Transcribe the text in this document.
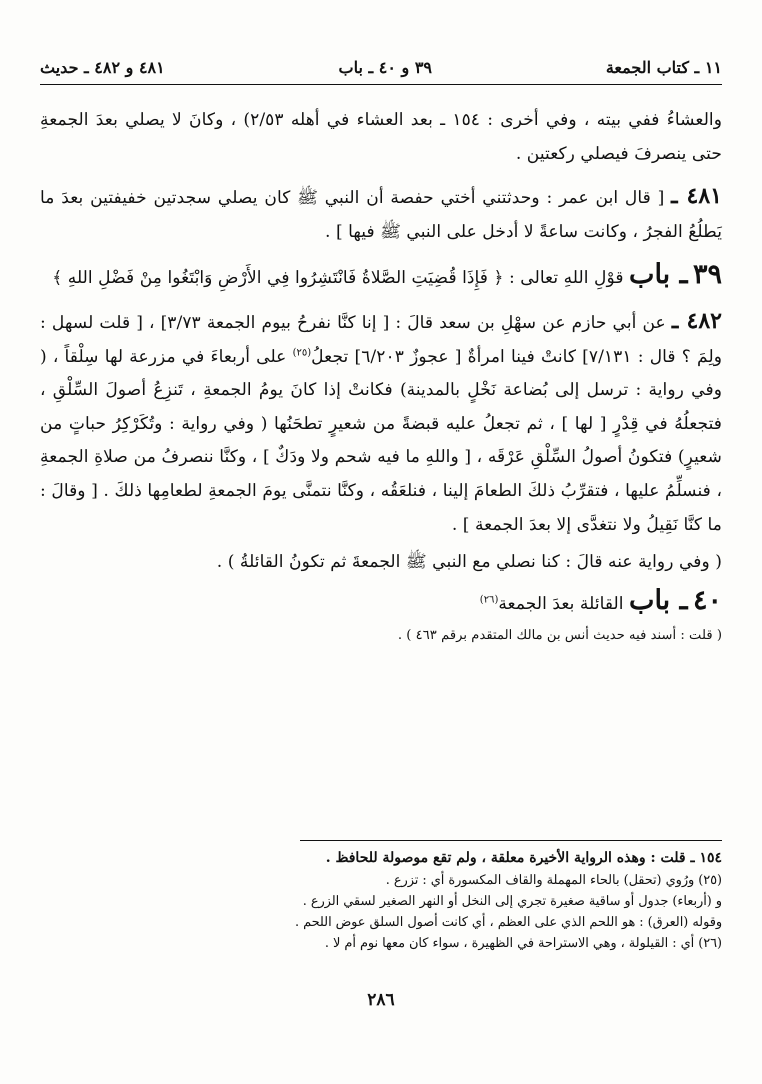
١١ ـ كتاب الجمعة
٣٩ و ٤٠ ـ باب
٤٨١ و ٤٨٢ ـ حديث

والعشاءُ ففي بيته ، وفي أخرى : ١٥٤ ـ بعد العشاء في أهله ٢/٥٣) ، وكانَ لا يصلي بعدَ الجمعةِ حتى ينصرفَ فيصلي ركعتين .

٤٨١ ـ [ قال ابن عمر : وحدثتني أختي حفصة أن النبي ﷺ كان يصلي سجدتين خفيفتين بعدَ ما يَطلُعُ الفجرُ ، وكانت ساعةً لا أدخل على النبي ﷺ فيها ] .

٣٩ ـ باب قوْلِ اللهِ تعالى : ﴿ فَإِذَا قُضِيَتِ الصَّلاةُ فَانْتَشِرُوا فِي الأَرْضِ وَابْتَغُوا مِنْ فَضْلِ اللهِ ﴾

٤٨٢ ـ عن أبي حازم عن سهْلِ بن سعد قالَ : [ إنا كنَّا نفرحُ بيوم الجمعة ٣/٧٣] ، [ قلت لسهل : ولِمَ ؟ قال : ٧/١٣١] كانتْ فينا امرأةٌ [ عجوزٌ ٦/٢٠٣] تجعلُ$^{(٢٥)}$ على أربعاءَ في مزرعة لها سِلْقاً ، ( وفي رواية : ترسل إلى بُضاعة نَخْلٍ بالمدينة) فكانتْ إذا كانَ يومُ الجمعةِ ، تَنزِعُ أصولَ السِّلْقِ ، فتجعلُهُ في قِدْرٍ [ لها ] ، ثم تجعلُ عليه قبضةً من شعيرٍ تطحَنُها ( وفي رواية : وتُكَرْكِرُ حباتٍ من شعيرٍ) فتكونُ أصولُ السِّلْقِ عَرْقَه ، [ واللهِ ما فيه شحم ولا ودَكٌ ] ، وكنَّا ننصرفُ من صلاةِ الجمعةِ ، فنسلِّمُ عليها ، فتقرِّبُ ذلكَ الطعامَ إلينا ، فنلعَقُه ، وكنَّا نتمنَّى يومَ الجمعةِ لطعامِها ذلكَ . [ وقالَ : ما كنَّا نَقِيلُ ولا نتغدَّى إلا بعدَ الجمعة ] .

( وفي رواية عنه قالَ : كنا نصلي مع النبي ﷺ الجمعةَ ثم تكونُ القائلةُ ) .

٤٠ ـ باب القائلة بعدَ الجمعة$^{(٢٦)}$

( قلت : أسند فيه حديث أنس بن مالك المتقدم برقم ٤٦٣ ) .
١٥٤ ـ قلت : وهذه الرواية الأخيرة معلقة ، ولم تقع موصولة للحافظ .
(٢٥) ورُوي (تحقل) بالحاء المهملة والقاف المكسورة أي : تزرع .
و (أربعاء) جدول أو ساقية صغيرة تجري إلى النخل أو النهر الصغير لسقي الزرع .
وقوله (العرق) : هو اللحم الذي على العظم ، أي كانت أصول السلق عوض اللحم .
(٢٦) أي : القيلولة ، وهي الاستراحة في الظهيرة ، سواء كان معها نوم أم لا .
٢٨٦
